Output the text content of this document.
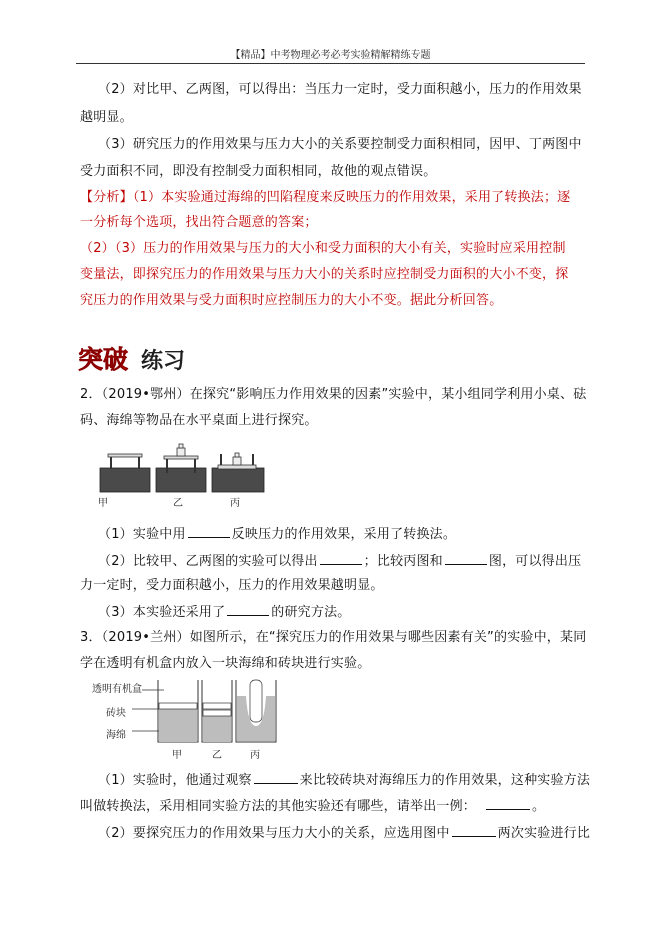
【精品】中考物理必考必考实验精解精练专题
（2）对比甲、乙两图，可以得出：当压力一定时，受力面积越小，压力的作用效果
越明显。
（3）研究压力的作用效果与压力大小的关系要控制受力面积相同，因甲、丁两图中
受力面积不同，即没有控制受力面积相同，故他的观点错误。
【分析】（1）本实验通过海绵的凹陷程度来反映压力的作用效果，采用了转换法；逐
一分析每个选项，找出符合题意的答案；
（2）（3）压力的作用效果与压力的大小和受力面积的大小有关，实验时应采用控制
变量法，即探究压力的作用效果与压力大小的关系时应控制受力面积的大小不变，探
究压力的作用效果与受力面积时应控制压力的大小不变。据此分析回答。
突破 练习
2．（2019•鄂州）在探究“影响压力作用效果的因素”实验中，某小组同学利用小桌、砝
码、海绵等物品在水平桌面上进行探究。
甲	乙	丙
（1）实验中用	反映压力的作用效果，采用了转换法。
（2）比较甲、乙两图的实验可以得出	；比较丙图和	图，可以得出压
力一定时，受力面积越小，压力的作用效果越明显。
（3）本实验还采用了	的研究方法。
3．（2019•兰州）如图所示，在“探究压力的作用效果与哪些因素有关”的实验中，某同
学在透明有机盒内放入一块海绵和砖块进行实验。
透明有机盒
砖块
海绵
甲	乙	丙
（1）实验时，他通过观察	来比较砖块对海绵压力的作用效果，这种实验方法
叫做转换法，采用相同实验方法的其他实验还有哪些，请举出一例：	。
（2）要探究压力的作用效果与压力大小的关系，应选用图中	两次实验进行比
